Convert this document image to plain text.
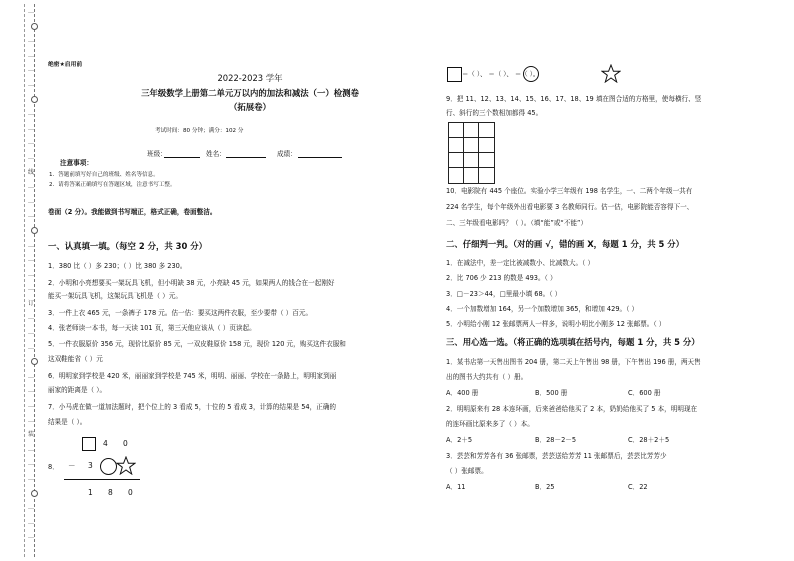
…
…
…
…
…
…
…
…
…
线
…
…
…
…
…
…
…
订
…
…
…
…
…
…
…
装
…
…
…
…
…
…
绝密★启用前
2022-2023 学年
三年级数学上册第二单元万以内的加法和减法（一）检测卷
（拓展卷）
考试时间：80 分钟；满分：102 分
班级：	姓名：	成绩：
注意事项：
1．答题前填写好自己的班级、姓名等信息。
2．请将答案正确填写在答题区域，注意书写工整。
卷面（2 分）。我能做到书写端正，格式正确，卷面整洁。
一、认真填一填。（每空 2 分，共 30 分）
1．380 比（ ）多 230；（ ）比 380 多 230。
2．小明和小亮想要买一架玩具飞机，但小明缺 38 元，小亮缺 45 元，如果两人的钱合在一起刚好
能买一架玩具飞机，这架玩具飞机是（ ）元。
3．一件上衣 465 元，一条裤子 178 元。估一估：要买这两件衣服，至少要带（ ）百元。
4．张老师读一本书，每一天读 101 页，第三天他应该从（ ）页读起。
5．一件衣服原价 356 元，现价比原价 85 元，一双皮鞋原价 158 元，现价 120 元，购买这件衣服和
这双鞋能省（ ）元
6．明明家到学校是 420 米，丽丽家到学校是 745 米，明明、丽丽、学校在一条路上，明明家到丽
丽家的距离是（ ）。
7．小马虎在做一道加法题时，把个位上的 3 看成 5，十位的 5 看成 3，计算的结果是 54，正确的
结果是（ ）。
4 0
8． － 3
1 8 0
＝（ ）、 ＝（ ）、 ＝（ ）。
9．把 11、12、13、14、15、16、17、18、19 填在图合适的方格里，使每横行、竖
行、斜行的三个数相加都得 45。
10．电影院有 445 个座位。实验小学三年级有 198 名学生，一、二两个年级一共有
224 名学生，每个年级外出看电影要 3 名教师同行。估一估，电影院能否容得下一、
二、三年级看电影吗？（ ）。（填“能”或“不能”）
二、仔细判一判。（对的画 √，错的画 X，每题 1 分，共 5 分）
1．在减法中，差一定比被减数小、比减数大。（ ）
2．比 706 少 213 的数是 493。（ ）
3．□－23＞44，□里最小填 68。（ ）
4．一个加数增加 164，另一个加数增加 365，和增加 429。（ ）
5．小明给小刚 12 张邮票两人一样多，说明小明比小刚多 12 张邮票。（ ）
三、用心选一选。（将正确的选项填在括号内，每题 1 分，共 5 分）
1．某书店第一天售出图书 204 册，第二天上午售出 98 册，下午售出 196 册，两天售
出的图书大约共有（ ）册。
A．400 册	B．500 册	C．600 册
2．明明原来有 28 本连环画，后来爸爸给他买了 2 本，奶奶给他买了 5 本，明明现在
的连环画比原来多了（ ）本。
A．2＋5	B．28－2－5	C．28＋2＋5
3．芸芸和芳芳各有 36 张邮票，芸芸送给芳芳 11 张邮票后，芸芸比芳芳少
（ ）张邮票。
A．11	B．25	C．22
